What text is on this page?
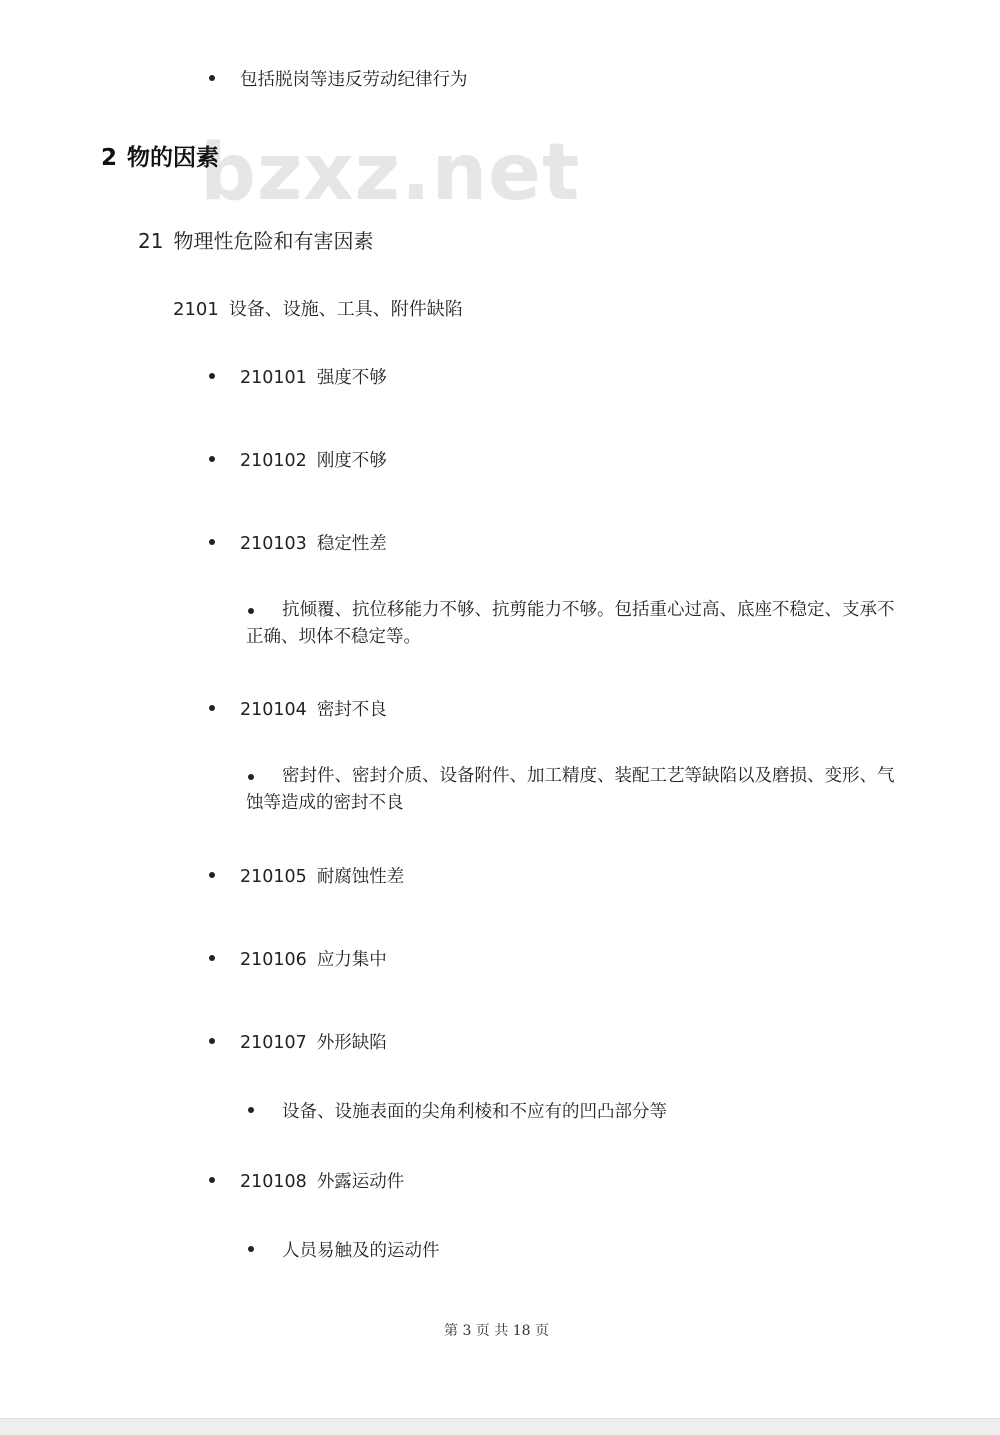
bzxz.net
包括脱岗等违反劳动纪律行为
2 物的因素
21 物理性危险和有害因素
2101 设备、设施、工具、附件缺陷
210101 强度不够
210102 刚度不够
210103 稳定性差
抗倾覆、抗位移能力不够、抗剪能力不够。包括重心过高、底座不稳定、支承不正确、坝体不稳定等。
210104 密封不良
密封件、密封介质、设备附件、加工精度、装配工艺等缺陷以及磨损、变形、气蚀等造成的密封不良
210105 耐腐蚀性差
210106 应力集中
210107 外形缺陷
设备、设施表面的尖角利棱和不应有的凹凸部分等
210108 外露运动件
人员易触及的运动件
第 3 页 共 18 页
